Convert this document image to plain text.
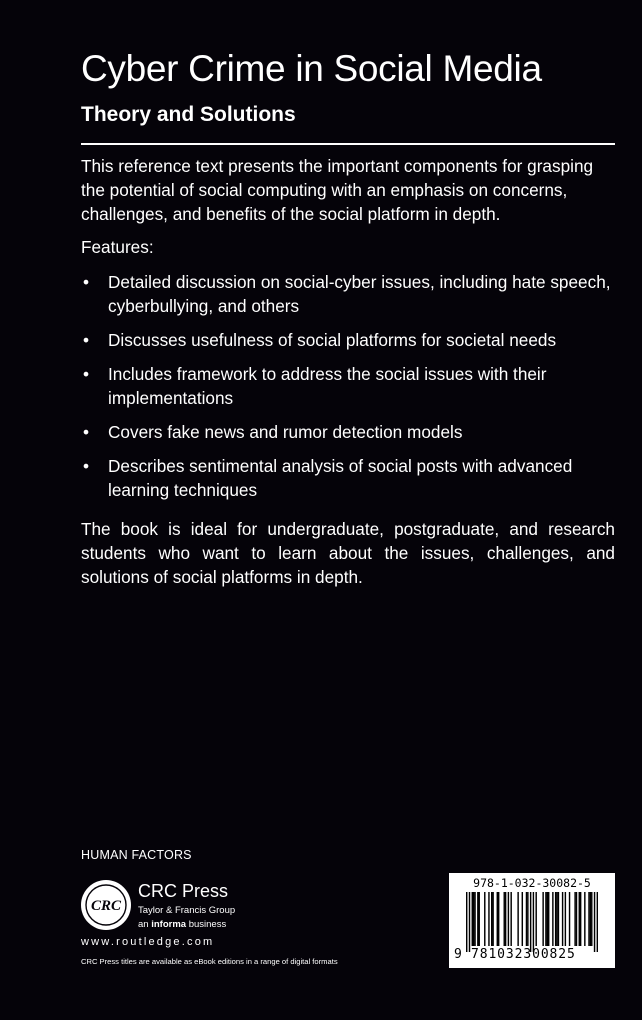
Cyber Crime in Social Media
Theory and Solutions

This reference text presents the important components for grasping the potential of social computing with an emphasis on concerns, challenges, and benefits of the social platform in depth.

Features:

• Detailed discussion on social-cyber issues, including hate speech, cyberbullying, and others
• Discusses usefulness of social platforms for societal needs
• Includes framework to address the social issues with their implementations
• Covers fake news and rumor detection models
• Describes sentimental analysis of social posts with advanced learning techniques

The book is ideal for undergraduate, postgraduate, and research students who want to learn about the issues, challenges, and solutions of social platforms in depth.

HUMAN FACTORS

CRC

CRC Press

Taylor & Francis Group

an informa business

www.routledge.com

CRC Press titles are available as eBook editions in a range of digital formats

978-1-032-30082-5

9 781032300825
